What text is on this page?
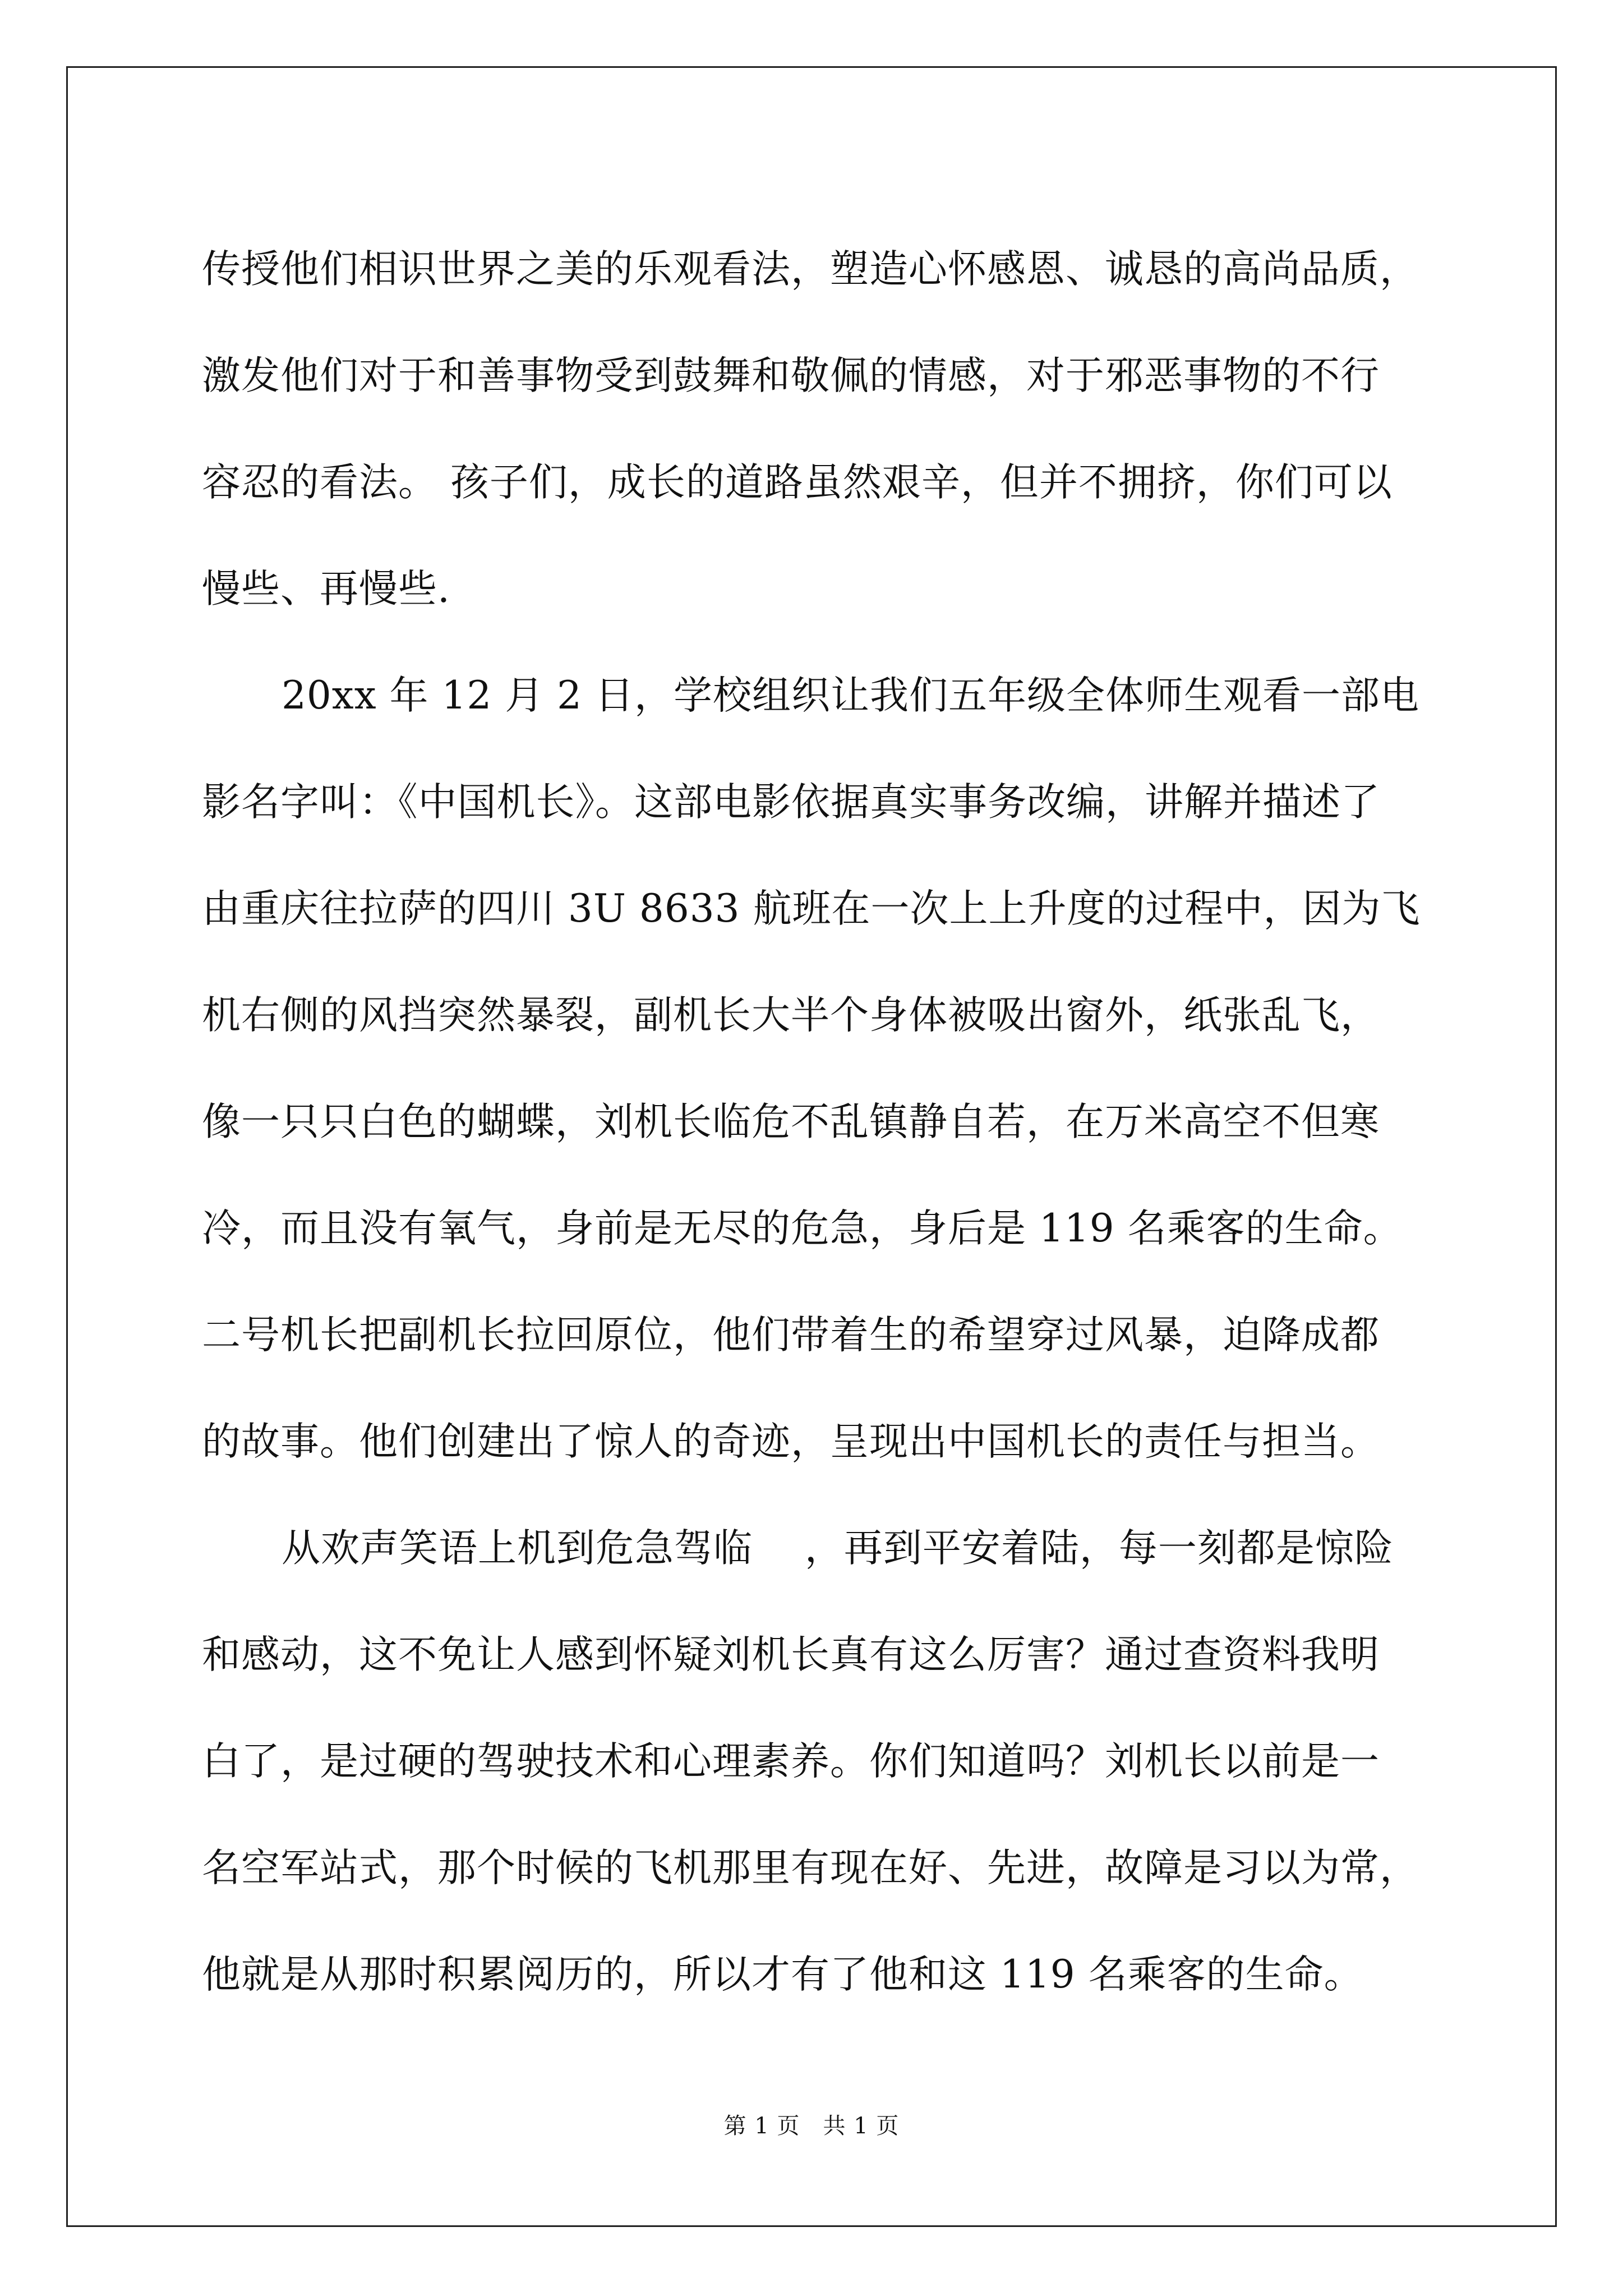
传授他们相识世界之美的乐观看法，塑造心怀感恩、诚恳的高尚品质，
激发他们对于和善事物受到鼓舞和敬佩的情感，对于邪恶事物的不行
容忍的看法。 孩子们，成长的道路虽然艰辛，但并不拥挤，你们可以
慢些、再慢些.
20xx 年 12 月 2 日，学校组织让我们五年级全体师生观看一部电
影名字叫：《中国机长》。这部电影依据真实事务改编，讲解并描述了
由重庆往拉萨的四川 3U 8633 航班在一次上上升度的过程中，因为飞
机右侧的风挡突然暴裂，副机长大半个身体被吸出窗外，纸张乱飞，
像一只只白色的蝴蝶，刘机长临危不乱镇静自若，在万米高空不但寒
冷，而且没有氧气，身前是无尽的危急，身后是 119 名乘客的生命。
二号机长把副机长拉回原位，他们带着生的希望穿过风暴，迫降成都
的故事。他们创建出了惊人的奇迹，呈现出中国机长的责任与担当。
从欢声笑语上机到危急驾临　 ，再到平安着陆，每一刻都是惊险
和感动，这不免让人感到怀疑刘机长真有这么厉害？通过查资料我明
白了，是过硬的驾驶技术和心理素养。你们知道吗？刘机长以前是一
名空军站式，那个时候的飞机那里有现在好、先进，故障是习以为常，
他就是从那时积累阅历的，所以才有了他和这 119 名乘客的生命。
第 1 页　共 1 页
